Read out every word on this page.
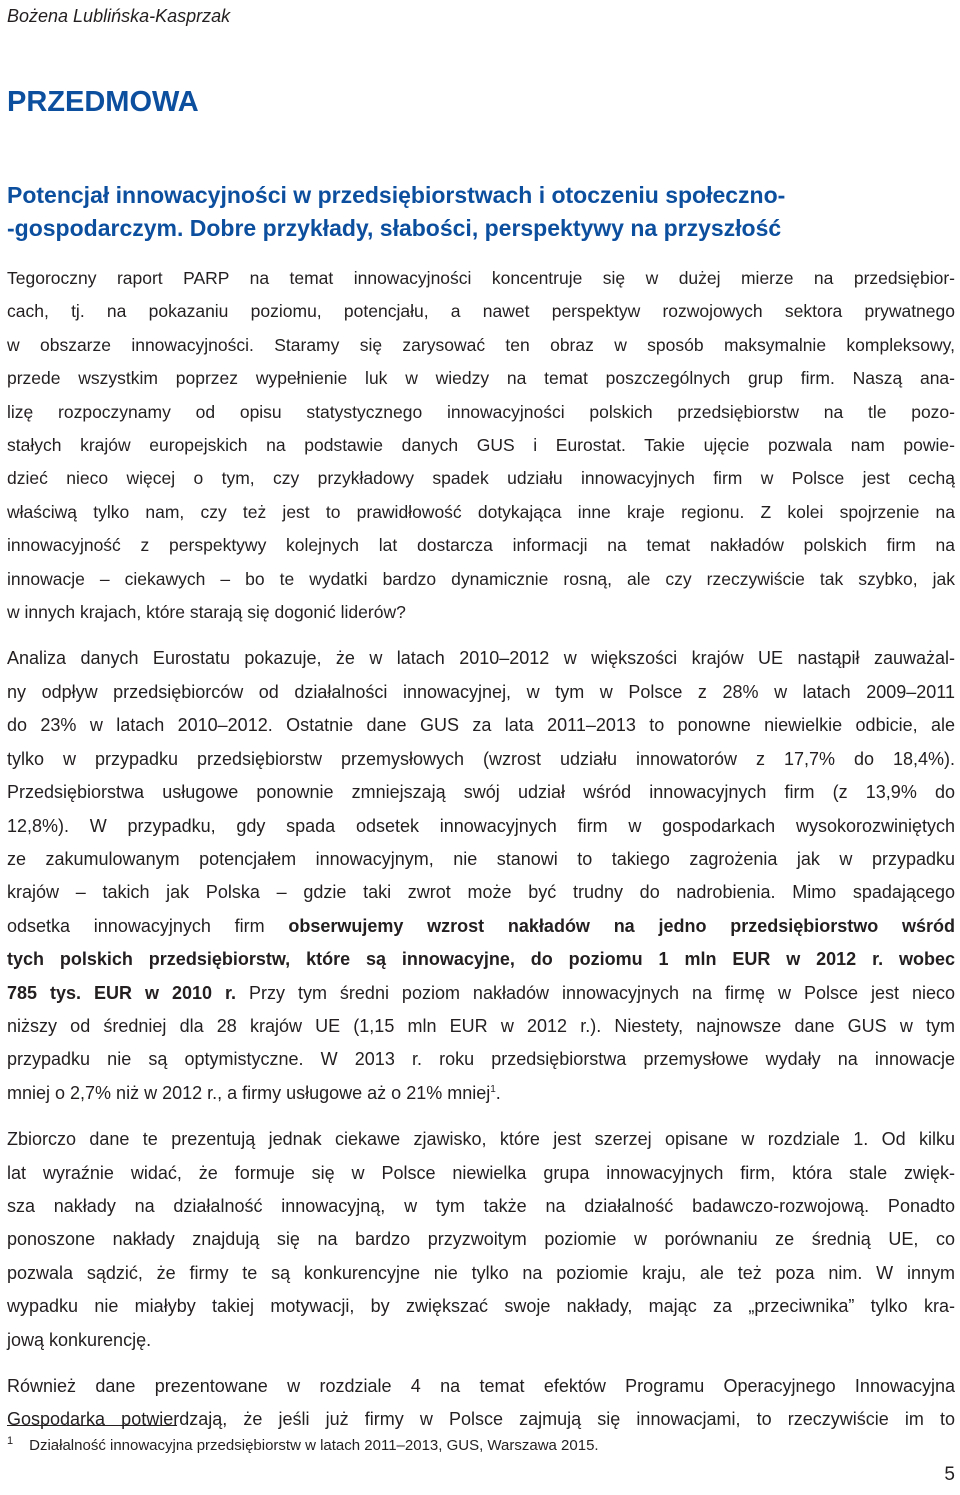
Bożena Lublińska-Kasprzak
PRZEDMOWA
Potencjał innowacyjności w przedsiębiorstwach i otoczeniu społeczno-
-gospodarczym. Dobre przykłady, słabości, perspektywy na przyszłość
Tegoroczny raport PARP na temat innowacyjności koncentruje się w dużej mierze na przedsiębior-
cach, tj. na pokazaniu poziomu, potencjału, a nawet perspektyw rozwojowych sektora prywatnego
w obszarze innowacyjności. Staramy się zarysować ten obraz w sposób maksymalnie kompleksowy,
przede wszystkim poprzez wypełnienie luk w wiedzy na temat poszczególnych grup firm. Naszą ana-
lizę rozpoczynamy od opisu statystycznego innowacyjności polskich przedsiębiorstw na tle pozo-
stałych krajów europejskich na podstawie danych GUS i Eurostat. Takie ujęcie pozwala nam powie-
dzieć nieco więcej o tym, czy przykładowy spadek udziału innowacyjnych firm w Polsce jest cechą
właściwą tylko nam, czy też jest to prawidłowość dotykająca inne kraje regionu. Z kolei spojrzenie na
innowacyjność z perspektywy kolejnych lat dostarcza informacji na temat nakładów polskich firm na
innowacje – ciekawych – bo te wydatki bardzo dynamicznie rosną, ale czy rzeczywiście tak szybko, jak
w innych krajach, które starają się dogonić liderów?
Analiza danych Eurostatu pokazuje, że w latach 2010–2012 w większości krajów UE nastąpił zauważal-
ny odpływ przedsiębiorców od działalności innowacyjnej, w tym w Polsce z 28% w latach 2009–2011
do 23% w latach 2010–2012. Ostatnie dane GUS za lata 2011–2013 to ponowne niewielkie odbicie, ale
tylko w przypadku przedsiębiorstw przemysłowych (wzrost udziału innowatorów z 17,7% do 18,4%).
Przedsiębiorstwa usługowe ponownie zmniejszają swój udział wśród innowacyjnych firm (z 13,9% do
12,8%). W przypadku, gdy spada odsetek innowacyjnych firm w gospodarkach wysokorozwiniętych
ze zakumulowanym potencjałem innowacyjnym, nie stanowi to takiego zagrożenia jak w przypadku
krajów – takich jak Polska – gdzie taki zwrot może być trudny do nadrobienia. Mimo spadającego
odsetka innowacyjnych firm obserwujemy wzrost nakładów na jedno przedsiębiorstwo wśród
tych polskich przedsiębiorstw, które są innowacyjne, do poziomu 1 mln EUR w 2012 r. wobec
785 tys. EUR w 2010 r. Przy tym średni poziom nakładów innowacyjnych na firmę w Polsce jest nieco
niższy od średniej dla 28 krajów UE (1,15 mln EUR w 2012 r.). Niestety, najnowsze dane GUS w tym
przypadku nie są optymistyczne. W 2013 r. roku przedsiębiorstwa przemysłowe wydały na innowacje
mniej o 2,7% niż w 2012 r., a firmy usługowe aż o 21% mniej$^1$.
Zbiorczo dane te prezentują jednak ciekawe zjawisko, które jest szerzej opisane w rozdziale 1. Od kilku
lat wyraźnie widać, że formuje się w Polsce niewielka grupa innowacyjnych firm, która stale zwięk-
sza nakłady na działalność innowacyjną, w tym także na działalność badawczo-rozwojową. Ponadto
ponoszone nakłady znajdują się na bardzo przyzwoitym poziomie w porównaniu ze średnią UE, co
pozwala sądzić, że firmy te są konkurencyjne nie tylko na poziomie kraju, ale też poza nim. W innym
wypadku nie miałyby takiej motywacji, by zwiększać swoje nakłady, mając za „przeciwnika” tylko kra-
jową konkurencję.
Również dane prezentowane w rozdziale 4 na temat efektów Programu Operacyjnego Innowacyjna
Gospodarka potwierdzają, że jeśli już firmy w Polsce zajmują się innowacjami, to rzeczywiście im to
$^1$ Działalność innowacyjna przedsiębiorstw w latach 2011–2013, GUS, Warszawa 2015.
5
